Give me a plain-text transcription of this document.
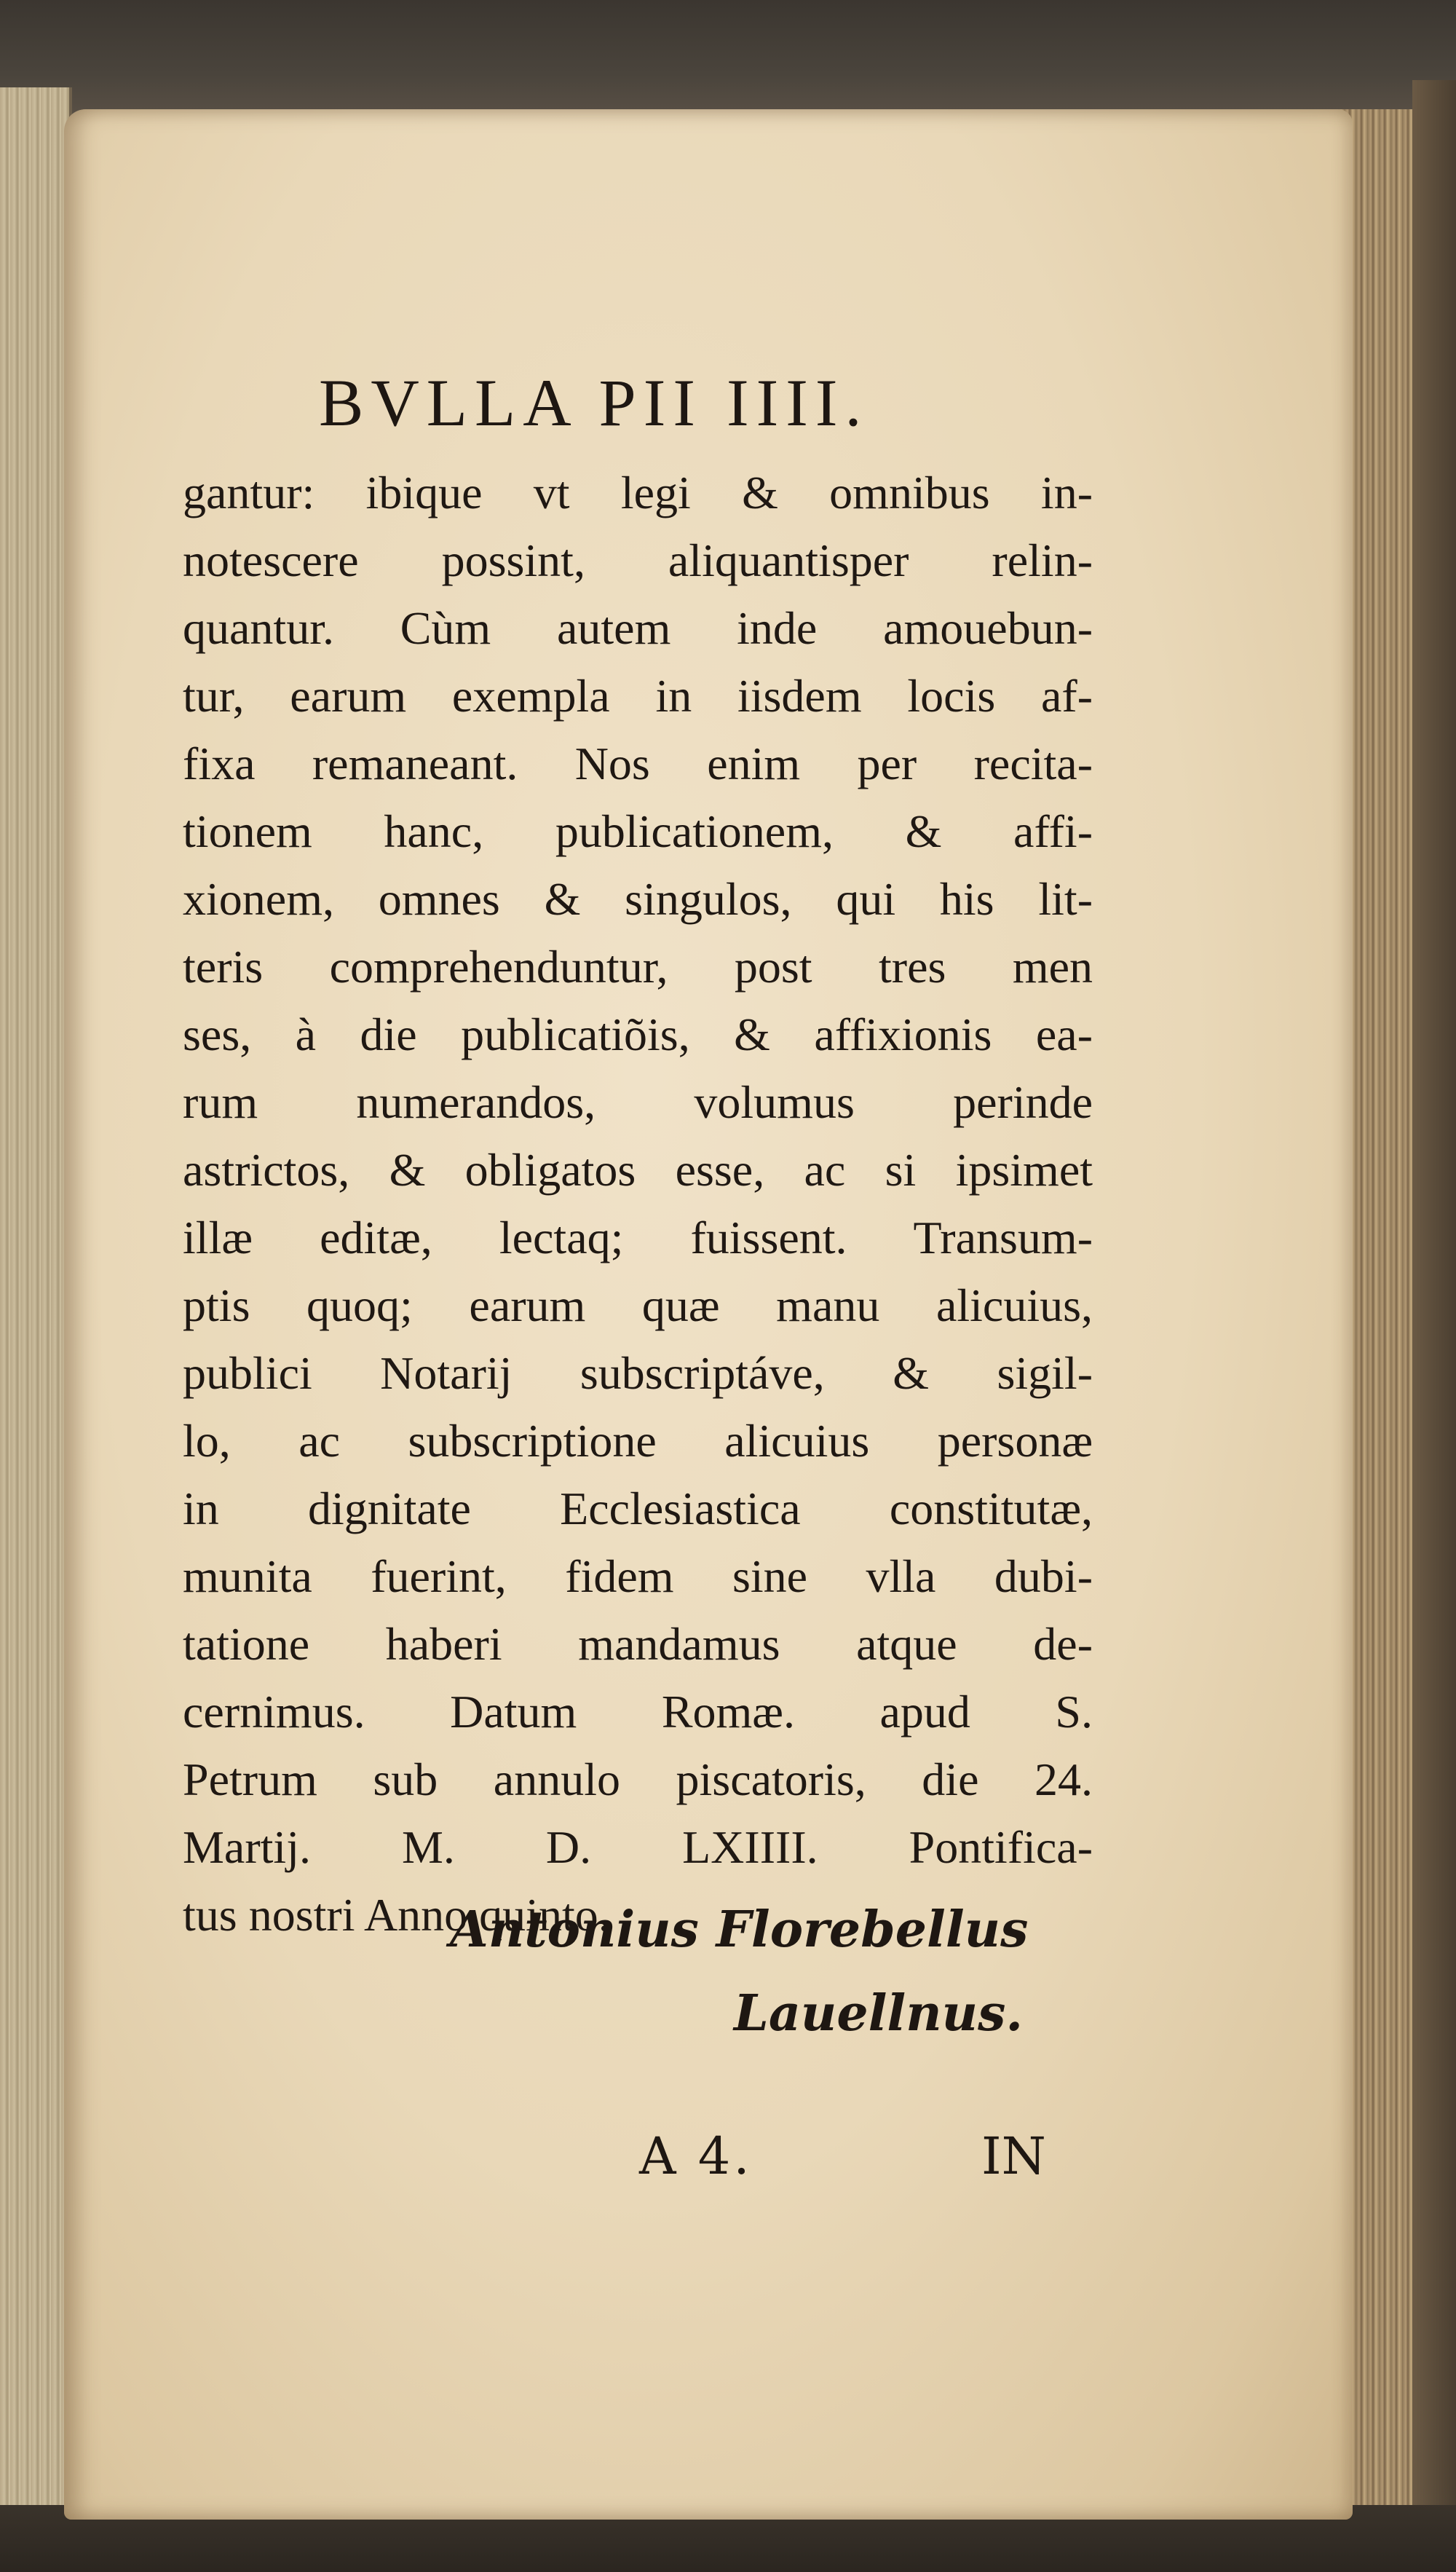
BVLLA PII IIII.
gantur: ibique vt legi & omnibus in-
notescere possint, aliquantisper relin-
quantur. Cùm autem inde amouebun-
tur, earum exempla in iisdem locis af-
fixa remaneant. Nos enim per recita-
tionem hanc, publicationem, & affi-
xionem, omnes & singulos, qui his lit-
teris comprehenduntur, post tres men
ses, à die publicatiõis, & affixionis ea-
rum numerandos, volumus perinde
astrictos, & obligatos esse, ac si ipsimet
illæ editæ, lectaq; fuissent. Transum-
ptis quoq; earum quæ manu alicuius,
publici Notarij subscriptáve, & sigil-
lo, ac subscriptione alicuius personæ
in dignitate Ecclesiastica constitutæ,
munita fuerint, fidem sine vlla dubi-
tatione haberi mandamus atque de-
cernimus. Datum Romæ. apud S.
Petrum sub annulo piscatoris, die 24.
Martij. M. D. LXIIII. Pontifica-
tus nostri Anno quinto.
Antonius Florebellus
Lauellnus.
A 4.	IN
